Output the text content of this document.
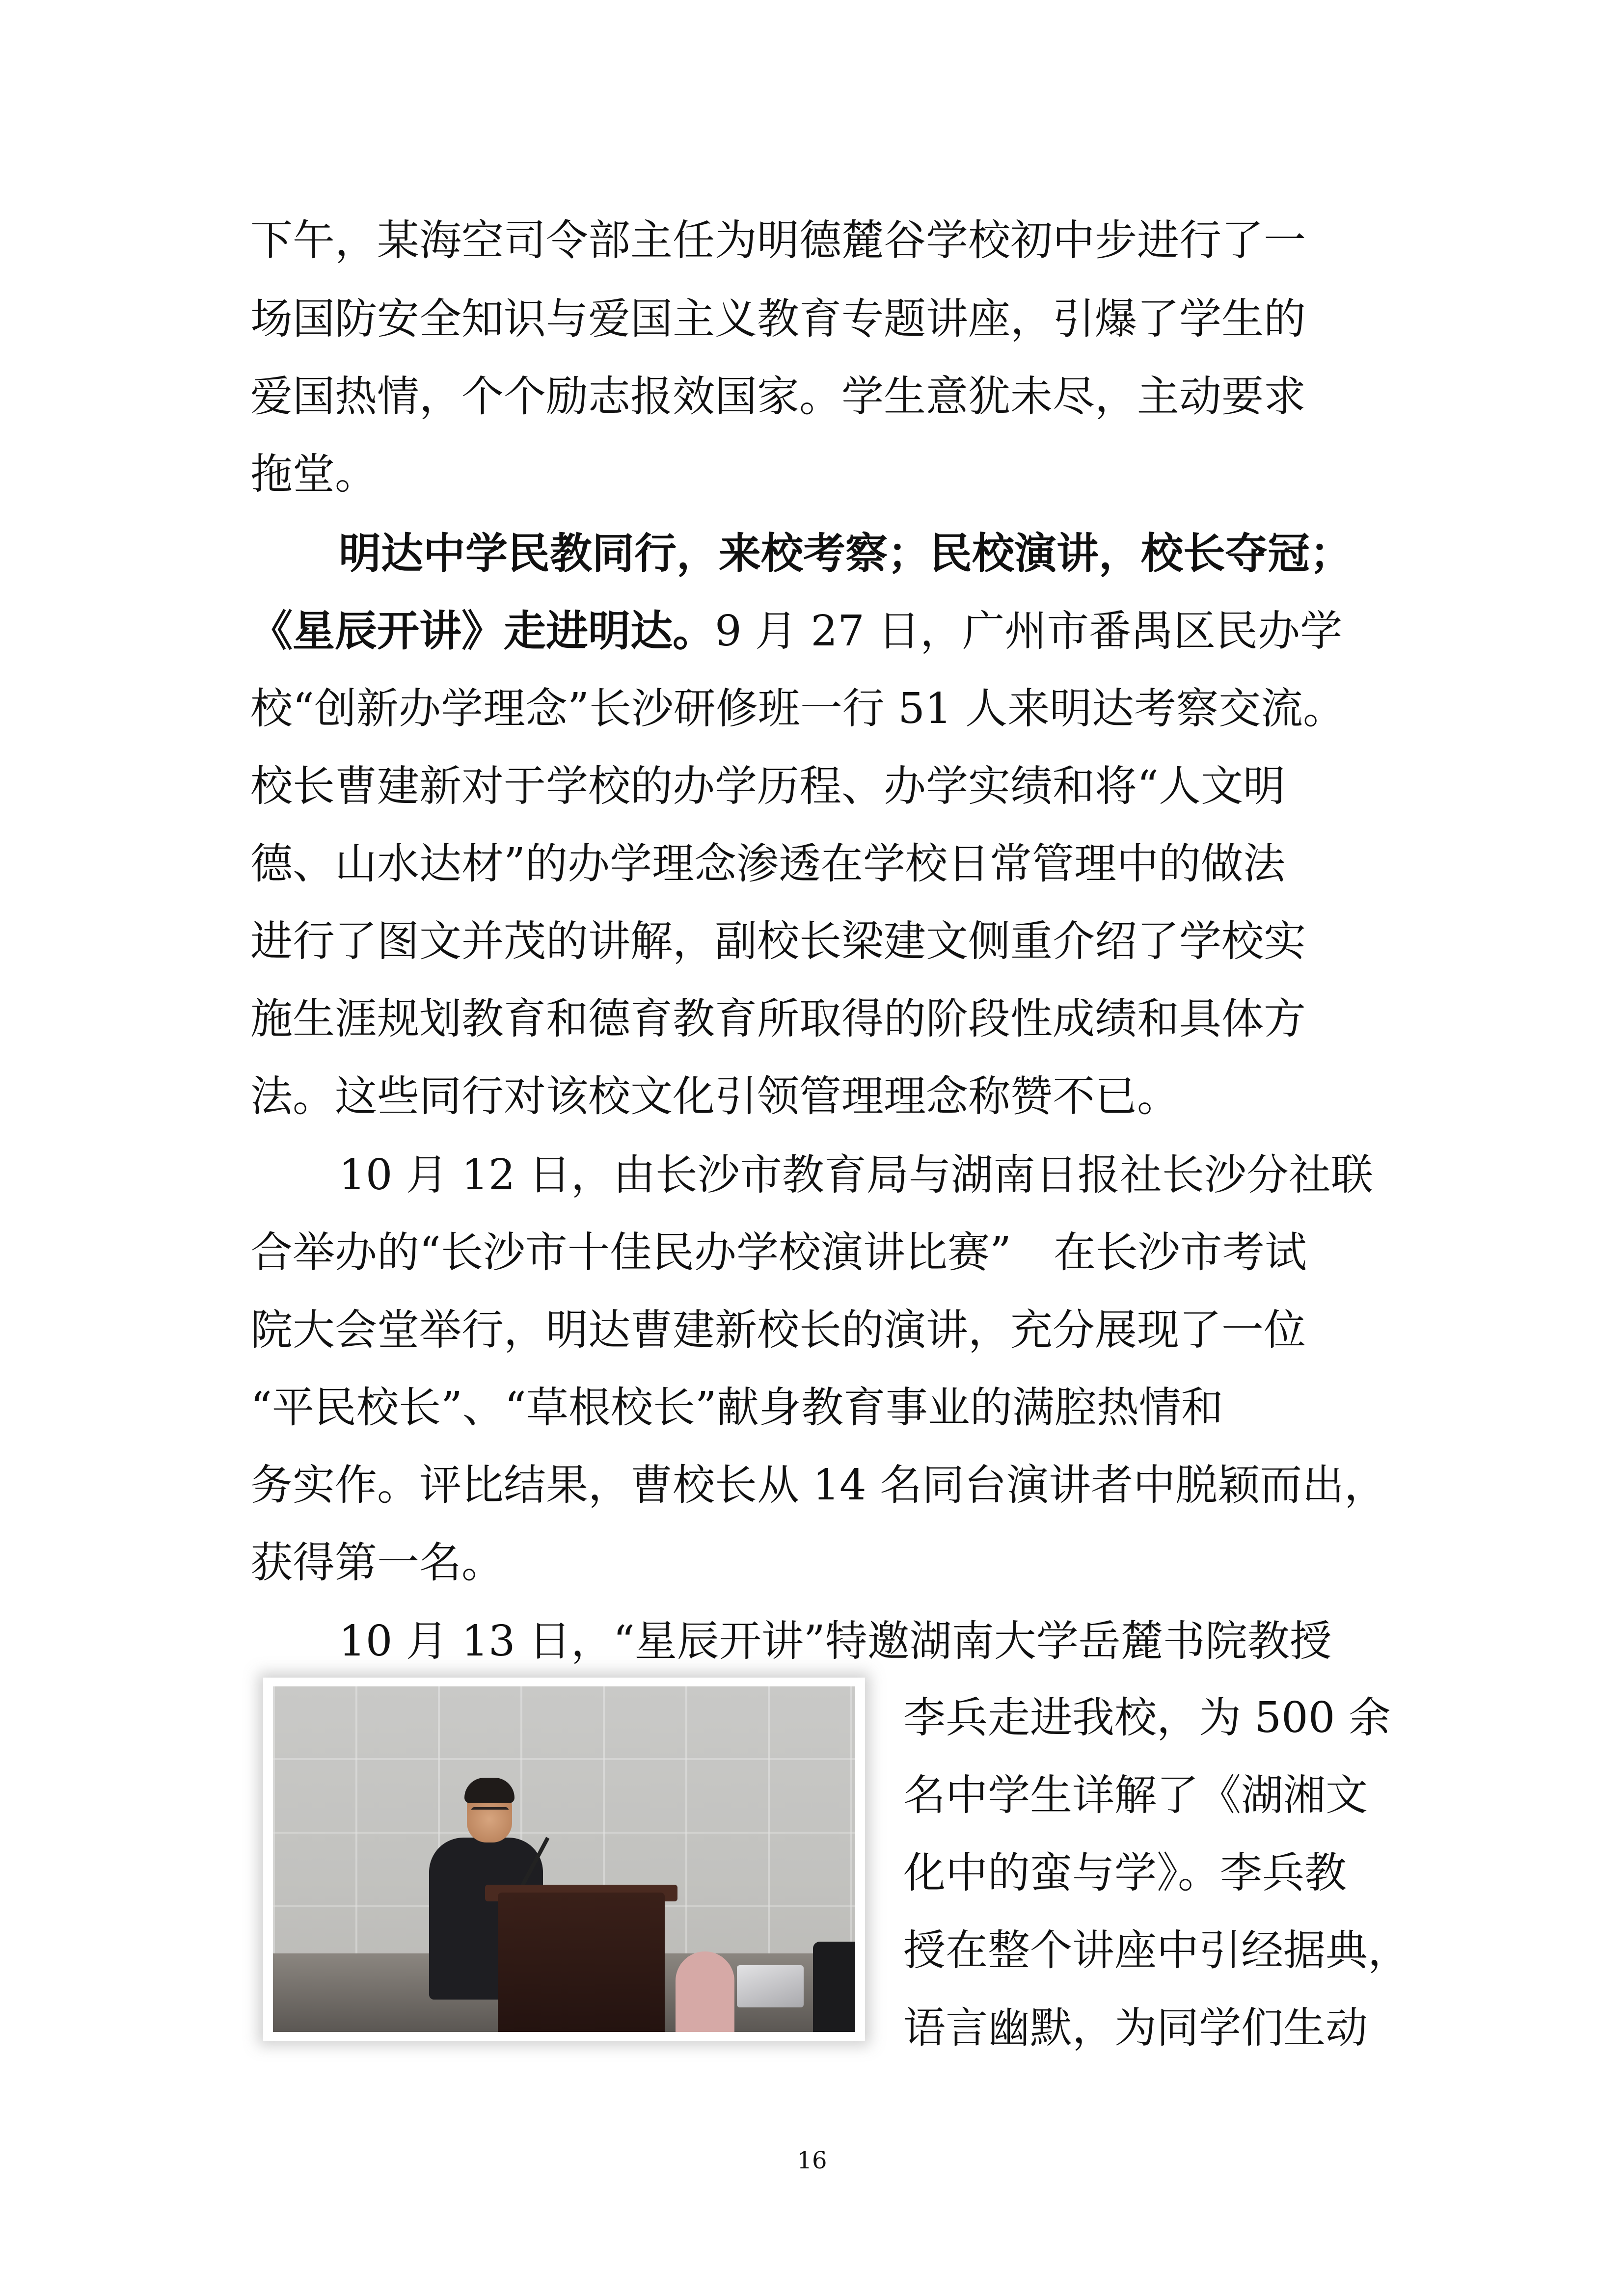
下午，某海空司令部主任为明德麓谷学校初中步进行了一

场国防安全知识与爱国主义教育专题讲座，引爆了学生的

爱国热情，个个励志报效国家。学生意犹未尽，主动要求

拖堂。

明达中学民教同行，来校考察；民校演讲，校长夺冠；

《星辰开讲》走进明达。9 月 27 日，广州市番禺区民办学

校“创新办学理念”长沙研修班一行 51 人来明达考察交流。

校长曹建新对于学校的办学历程、办学实绩和将“人文明

德、山水达材”的办学理念渗透在学校日常管理中的做法

进行了图文并茂的讲解，副校长梁建文侧重介绍了学校实

施生涯规划教育和德育教育所取得的阶段性成绩和具体方

法。这些同行对该校文化引领管理理念称赞不已。

10 月 12 日，由长沙市教育局与湖南日报社长沙分社联

合举办的“长沙市十佳民办学校演讲比赛”　在长沙市考试

院大会堂举行，明达曹建新校长的演讲，充分展现了一位

“平民校长”、“草根校长”献身教育事业的满腔热情和

务实作。评比结果，曹校长从 14 名同台演讲者中脱颖而出，

获得第一名。

10 月 13 日，“星辰开讲”特邀湖南大学岳麓书院教授

李兵走进我校，为 500 余

名中学生详解了《湖湘文

化中的蛮与学》。李兵教

授在整个讲座中引经据典，

语言幽默，为同学们生动

16
